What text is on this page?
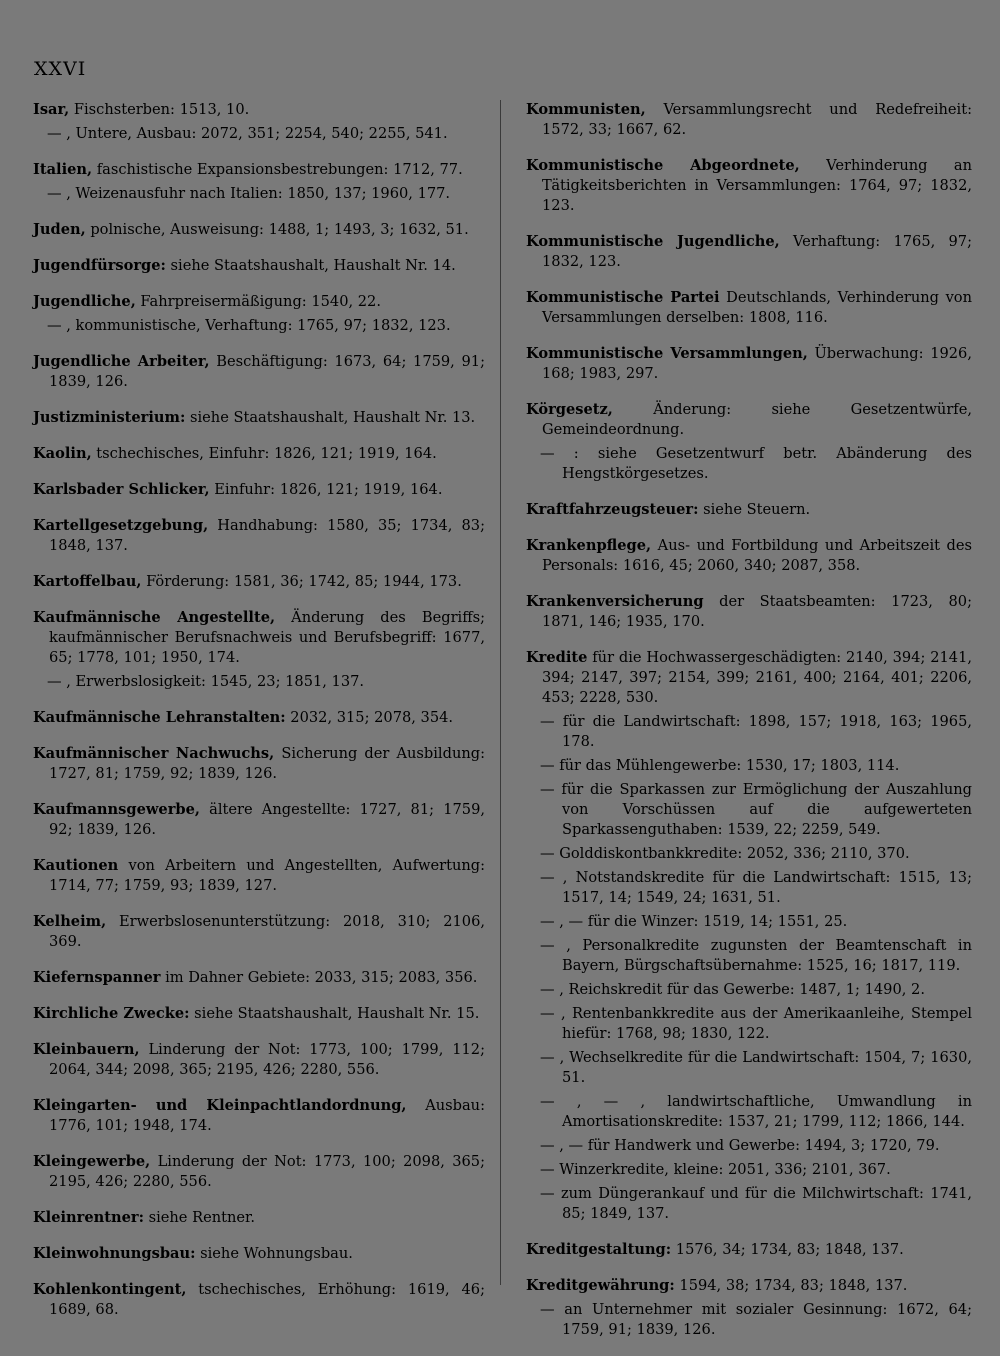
XXVI
Isar, Fischsterben: 1513, 10.
— , Untere, Ausbau: 2072, 351; 2254, 540; 2255, 541.
Italien, faschistische Expansionsbestrebungen: 1712, 77.
— , Weizenausfuhr nach Italien: 1850, 137; 1960, 177.
Juden, polnische, Ausweisung: 1488, 1; 1493, 3; 1632, 51.
Jugendfürsorge: siehe Staatshaushalt, Haushalt Nr. 14.
Jugendliche, Fahrpreisermäßigung: 1540, 22.
— , kommunistische, Verhaftung: 1765, 97; 1832, 123.
Jugendliche Arbeiter, Beschäftigung: 1673, 64; 1759, 91; 1839, 126.
Justizministerium: siehe Staatshaushalt, Haushalt Nr. 13.
Kaolin, tschechisches, Einfuhr: 1826, 121; 1919, 164.
Karlsbader Schlicker, Einfuhr: 1826, 121; 1919, 164.
Kartellgesetzgebung, Handhabung: 1580, 35; 1734, 83; 1848, 137.
Kartoffelbau, Förderung: 1581, 36; 1742, 85; 1944, 173.
Kaufmännische Angestellte, Änderung des Begriffs; kaufmännischer Berufsnachweis und Berufsbegriff: 1677, 65; 1778, 101; 1950, 174.
— , Erwerbslosigkeit: 1545, 23; 1851, 137.
Kaufmännische Lehranstalten: 2032, 315; 2078, 354.
Kaufmännischer Nachwuchs, Sicherung der Ausbildung: 1727, 81; 1759, 92; 1839, 126.
Kaufmannsgewerbe, ältere Angestellte: 1727, 81; 1759, 92; 1839, 126.
Kautionen von Arbeitern und Angestellten, Aufwertung: 1714, 77; 1759, 93; 1839, 127.
Kelheim, Erwerbslosenunterstützung: 2018, 310; 2106, 369.
Kiefernspanner im Dahner Gebiete: 2033, 315; 2083, 356.
Kirchliche Zwecke: siehe Staatshaushalt, Haushalt Nr. 15.
Kleinbauern, Linderung der Not: 1773, 100; 1799, 112; 2064, 344; 2098, 365; 2195, 426; 2280, 556.
Kleingarten- und Kleinpachtlandordnung, Ausbau: 1776, 101; 1948, 174.
Kleingewerbe, Linderung der Not: 1773, 100; 2098, 365; 2195, 426; 2280, 556.
Kleinrentner: siehe Rentner.
Kleinwohnungsbau: siehe Wohnungsbau.
Kohlenkontingent, tschechisches, Erhöhung: 1619, 46; 1689, 68.
Kommunisten, Versammlungsrecht und Redefreiheit: 1572, 33; 1667, 62.
Kommunistische Abgeordnete, Verhinderung an Tätigkeitsberichten in Versammlungen: 1764, 97; 1832, 123.
Kommunistische Jugendliche, Verhaftung: 1765, 97; 1832, 123.
Kommunistische Partei Deutschlands, Verhinderung von Versammlungen derselben: 1808, 116.
Kommunistische Versammlungen, Überwachung: 1926, 168; 1983, 297.
Körgesetz, Änderung: siehe Gesetzentwürfe, Gemeindeordnung.
— : siehe Gesetzentwurf betr. Abänderung des Hengstkörgesetzes.
Kraftfahrzeugsteuer: siehe Steuern.
Krankenpflege, Aus- und Fortbildung und Arbeitszeit des Personals: 1616, 45; 2060, 340; 2087, 358.
Krankenversicherung der Staatsbeamten: 1723, 80; 1871, 146; 1935, 170.
Kredite für die Hochwassergeschädigten: 2140, 394; 2141, 394; 2147, 397; 2154, 399; 2161, 400; 2164, 401; 2206, 453; 2228, 530.
— für die Landwirtschaft: 1898, 157; 1918, 163; 1965, 178.
— für das Mühlengewerbe: 1530, 17; 1803, 114.
— für die Sparkassen zur Ermöglichung der Auszahlung von Vorschüssen auf die aufgewerteten Sparkassenguthaben: 1539, 22; 2259, 549.
— Golddiskontbankkredite: 2052, 336; 2110, 370.
— , Notstandskredite für die Landwirtschaft: 1515, 13; 1517, 14; 1549, 24; 1631, 51.
— , — für die Winzer: 1519, 14; 1551, 25.
— , Personalkredite zugunsten der Beamtenschaft in Bayern, Bürgschaftsübernahme: 1525, 16; 1817, 119.
— , Reichskredit für das Gewerbe: 1487, 1; 1490, 2.
— , Rentenbankkredite aus der Amerikaanleihe, Stempel hiefür: 1768, 98; 1830, 122.
— , Wechselkredite für die Landwirtschaft: 1504, 7; 1630, 51.
— , — , landwirtschaftliche, Umwandlung in Amortisationskredite: 1537, 21; 1799, 112; 1866, 144.
— , — für Handwerk und Gewerbe: 1494, 3; 1720, 79.
— Winzerkredite, kleine: 2051, 336; 2101, 367.
— zum Düngerankauf und für die Milchwirtschaft: 1741, 85; 1849, 137.
Kreditgestaltung: 1576, 34; 1734, 83; 1848, 137.
Kreditgewährung: 1594, 38; 1734, 83; 1848, 137.
— an Unternehmer mit sozialer Gesinnung: 1672, 64; 1759, 91; 1839, 126.
